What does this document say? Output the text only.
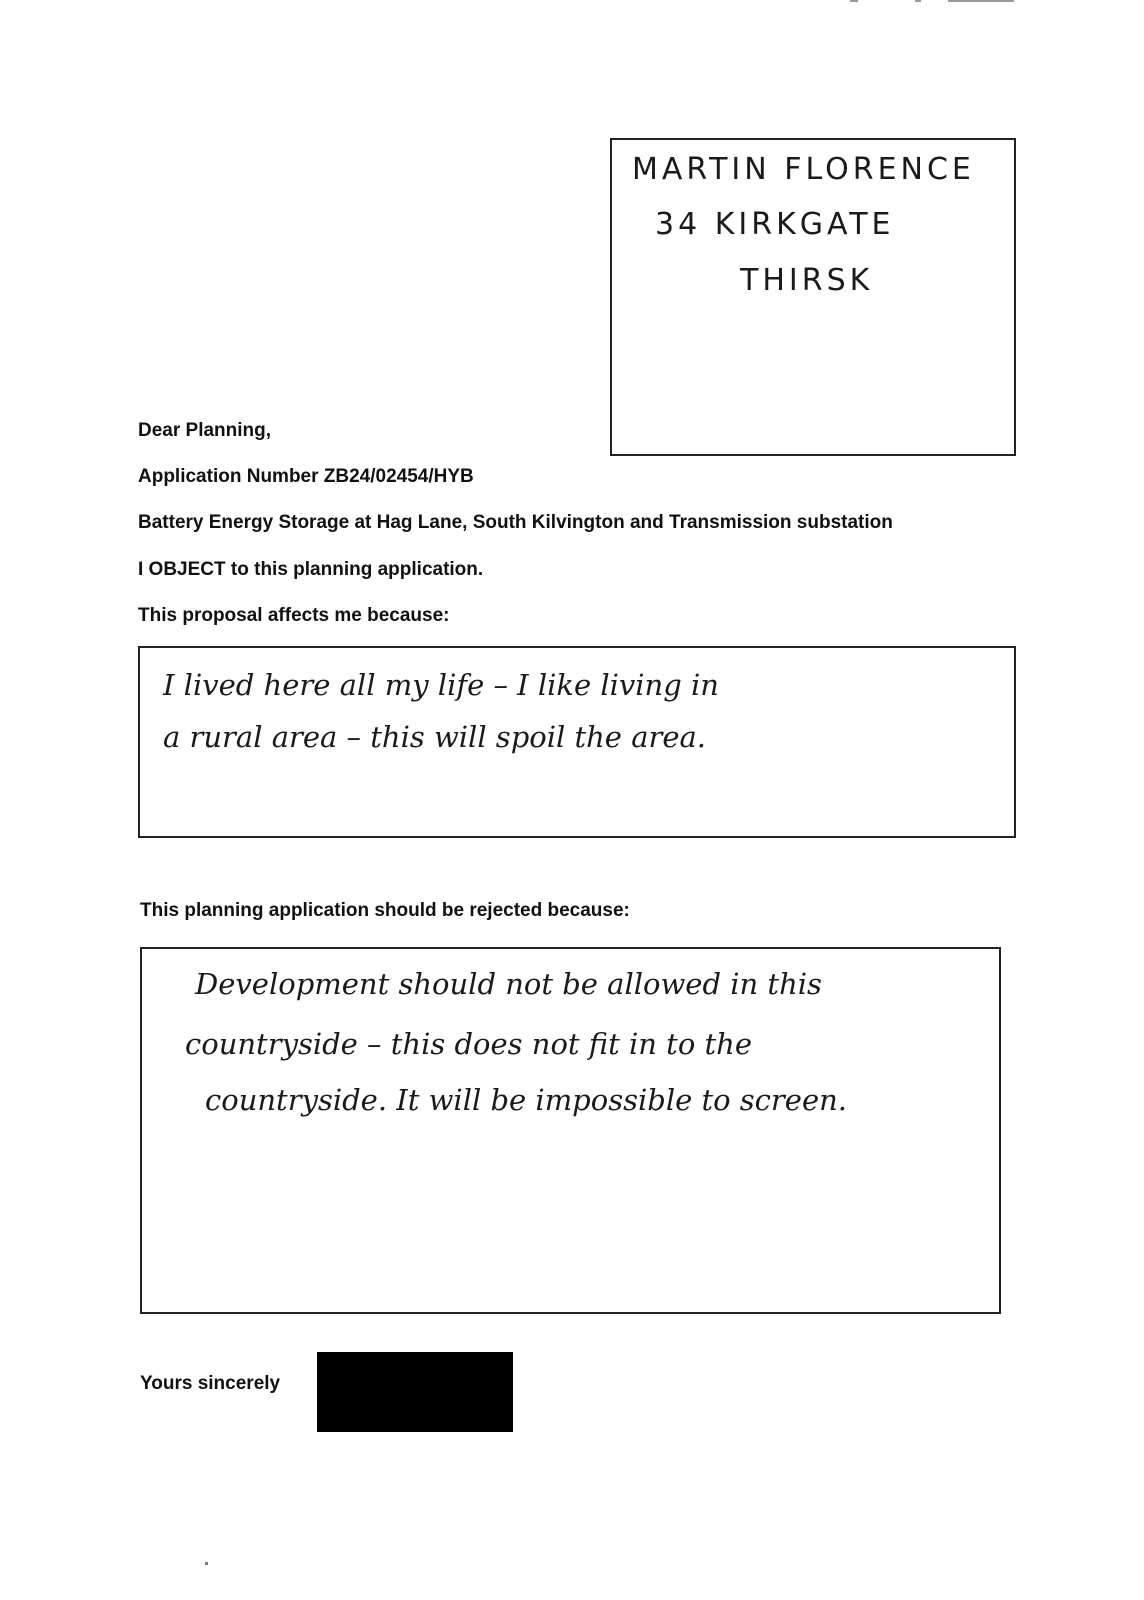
MARTIN FLORENCE
34 KIRKGATE
THIRSK
Dear Planning,
Application Number ZB24/02454/HYB
Battery Energy Storage at Hag Lane, South Kilvington and Transmission substation
I OBJECT to this planning application.
This proposal affects me because:
I lived here all my life – I like living in
a rural area – this will spoil the area.
This planning application should be rejected because:
Development should not be allowed in this
countryside – this does not fit in to the
countryside. It will be impossible to screen.
Yours sincerely
